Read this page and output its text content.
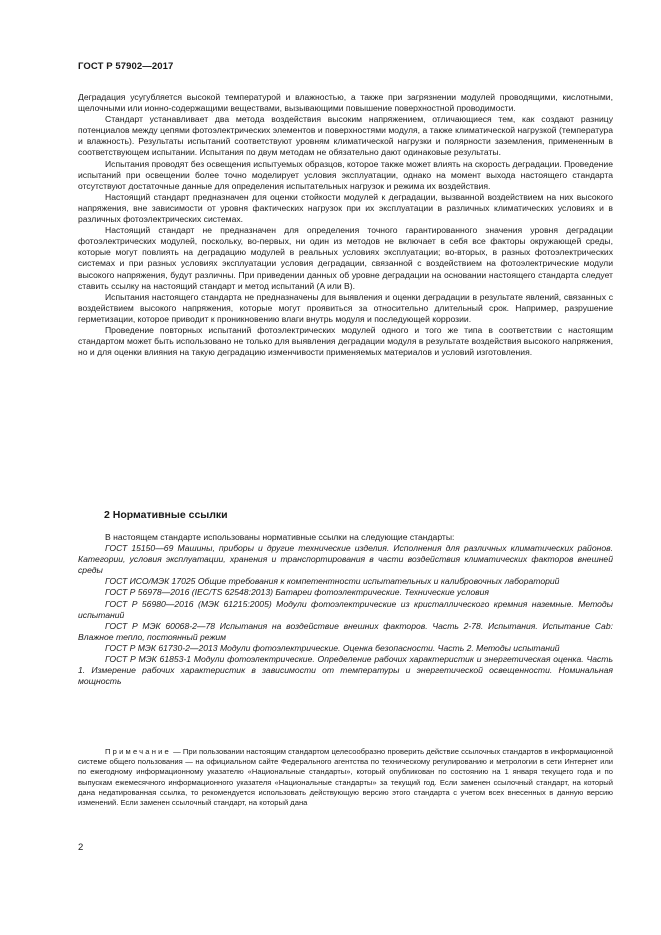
ГОСТ Р 57902—2017

Деградация усугубляется высокой температурой и влажностью, а также при загрязнении модулей проводящими, кислотными, щелочными или ионно-содержащими веществами, вызывающими повышение поверхностной проводимости.

Стандарт устанавливает два метода воздействия высоким напряжением, отличающиеся тем, как создают разницу потенциалов между цепями фотоэлектрических элементов и поверхностями модуля, а также климатической нагрузкой (температура и влажность). Результаты испытаний соответствуют уровням климатической нагрузки и полярности заземления, примененным в соответствующем испытании. Испытания по двум методам не обязательно дают одинаковые результаты.

Испытания проводят без освещения испытуемых образцов, которое также может влиять на скорость деградации. Проведение испытаний при освещении более точно моделирует условия эксплуатации, однако на момент выхода настоящего стандарта отсутствуют достаточные данные для определения испытательных нагрузок и режима их воздействия.

Настоящий стандарт предназначен для оценки стойкости модулей к деградации, вызванной воздействием на них высокого напряжения, вне зависимости от уровня фактических нагрузок при их эксплуатации в различных климатических условиях и в различных фотоэлектрических системах.

Настоящий стандарт не предназначен для определения точного гарантированного значения уровня деградации фотоэлектрических модулей, поскольку, во-первых, ни один из методов не включает в себя все факторы окружающей среды, которые могут повлиять на деградацию модулей в реальных условиях эксплуатации; во-вторых, в разных фотоэлектрических системах и при разных условиях эксплуатации условия деградации, связанной с воздействием на фотоэлектрические модули высокого напряжения, будут различны. При приведении данных об уровне деградации на основании настоящего стандарта следует ставить ссылку на настоящий стандарт и метод испытаний (A или B).

Испытания настоящего стандарта не предназначены для выявления и оценки деградации в результате явлений, связанных с воздействием высокого напряжения, которые могут проявиться за относительно длительный срок. Например, разрушение герметизации, которое приводит к проникновению влаги внутрь модуля и последующей коррозии.

Проведение повторных испытаний фотоэлектрических модулей одного и того же типа в соответствии с настоящим стандартом может быть использовано не только для выявления деградации модуля в результате воздействия высокого напряжения, но и для оценки влияния на такую деградацию изменчивости применяемых материалов и условий изготовления.

2 Нормативные ссылки

В настоящем стандарте использованы нормативные ссылки на следующие стандарты:

ГОСТ 15150—69 Машины, приборы и другие технические изделия. Исполнения для различных климатических районов. Категории, условия эксплуатации, хранения и транспортирования в части воздействия климатических факторов внешней среды

ГОСТ ИСО/МЭК 17025 Общие требования к компетентности испытательных и калибровочных лабораторий

ГОСТ Р 56978—2016 (IEC/TS 62548:2013) Батареи фотоэлектрические. Технические условия

ГОСТ Р 56980—2016 (МЭК 61215:2005) Модули фотоэлектрические из кристаллического кремния наземные. Методы испытаний

ГОСТ Р МЭК 60068-2—78 Испытания на воздействие внешних факторов. Часть 2-78. Испытания. Испытание Cab: Влажное тепло, постоянный режим

ГОСТ Р МЭК 61730-2—2013 Модули фотоэлектрические. Оценка безопасности. Часть 2. Методы испытаний

ГОСТ Р МЭК 61853-1 Модули фотоэлектрические. Определение рабочих характеристик и энергетическая оценка. Часть 1. Измерение рабочих характеристик в зависимости от температуры и энергетической освещенности. Номинальная мощность

Примечание — При пользовании настоящим стандартом целесообразно проверить действие ссылочных стандартов в информационной системе общего пользования — на официальном сайте Федерального агентства по техническому регулированию и метрологии в сети Интернет или по ежегодному информационному указателю «Национальные стандарты», который опубликован по состоянию на 1 января текущего года и по выпускам ежемесячного информационного указателя «Национальные стандарты» за текущий год. Если заменен ссылочный стандарт, на который дана недатированная ссылка, то рекомендуется использовать действующую версию этого стандарта с учетом всех внесенных в данную версию изменений. Если заменен ссылочный стандарт, на который дана

2
